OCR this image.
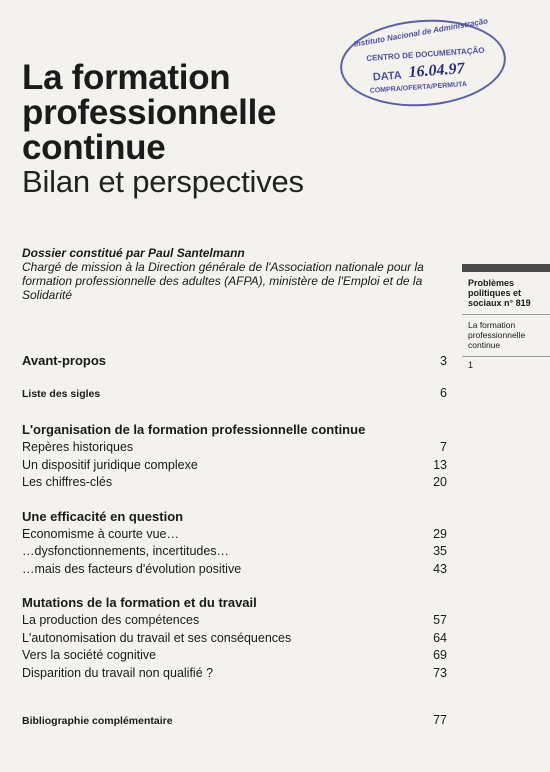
La formation
professionnelle
continue
Bilan et perspectives
Instituto Nacional de Administração
CENTRO DE DOCUMENTAÇÃO
DATA 16.04.97
COMPRA/OFERTA/PERMUTA
Dossier constitué par Paul Santelmann
Chargé de mission à la Direction générale de l'Association nationale pour la formation professionnelle des adultes (AFPA), ministère de l'Emploi et de la Solidarité
Avant-propos	3
Liste des sigles	6
L'organisation de la formation professionnelle continue
Repères historiques	7
Un dispositif juridique complexe	13
Les chiffres-clés	20
Une efficacité en question
Economisme à courte vue…	29
…dysfonctionnements, incertitudes…	35
…mais des facteurs d'évolution positive	43
Mutations de la formation et du travail
La production des compétences	57
L'autonomisation du travail et ses conséquences	64
Vers la société cognitive	69
Disparition du travail non qualifié ?	73
Bibliographie complémentaire	77
Problèmes politiques et sociaux n° 819
La formation professionnelle continue
1
